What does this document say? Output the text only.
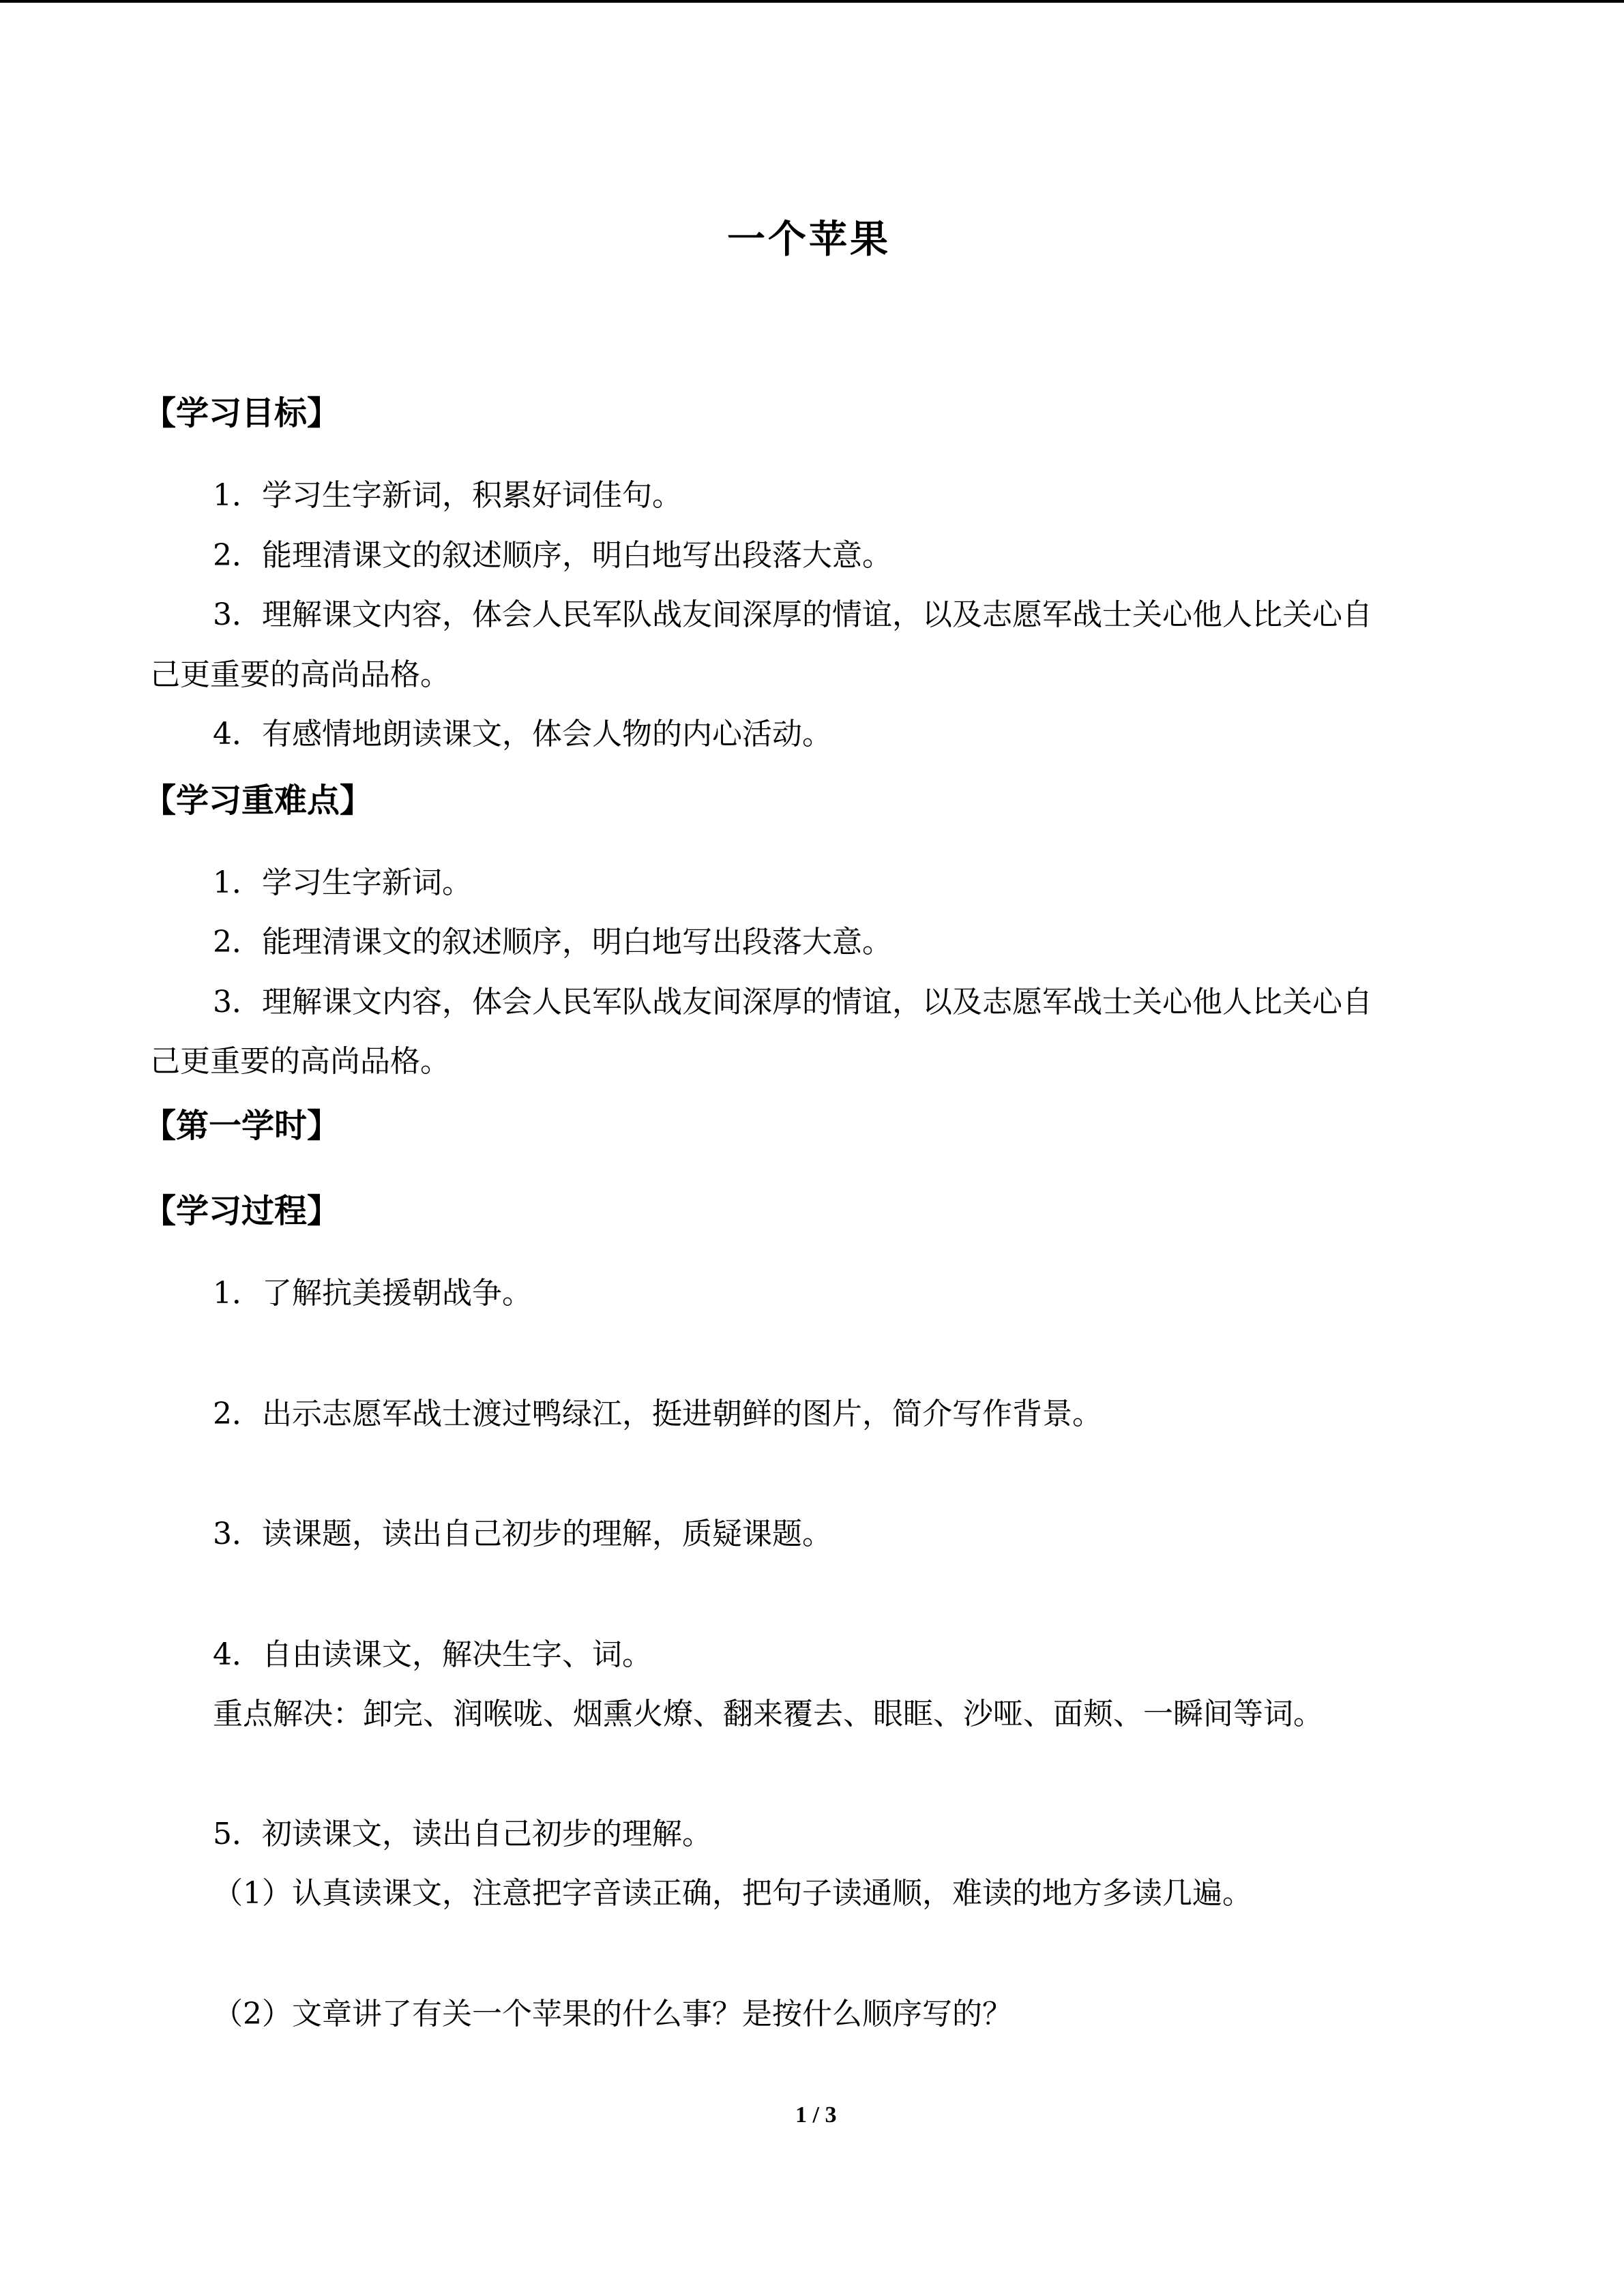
一个苹果
【学习目标】
1．学习生字新词，积累好词佳句。
2．能理清课文的叙述顺序，明白地写出段落大意。
3．理解课文内容，体会人民军队战友间深厚的情谊，以及志愿军战士关心他人比关心自
己更重要的高尚品格。
4．有感情地朗读课文，体会人物的内心活动。
【学习重难点】
1．学习生字新词。
2．能理清课文的叙述顺序，明白地写出段落大意。
3．理解课文内容，体会人民军队战友间深厚的情谊，以及志愿军战士关心他人比关心自
己更重要的高尚品格。
【第一学时】
【学习过程】
1．了解抗美援朝战争。
2．出示志愿军战士渡过鸭绿江，挺进朝鲜的图片，简介写作背景。
3．读课题，读出自己初步的理解，质疑课题。
4．自由读课文，解决生字、词。
重点解决：卸完、润喉咙、烟熏火燎、翻来覆去、眼眶、沙哑、面颊、一瞬间等词。
5．初读课文，读出自己初步的理解。
（1）认真读课文，注意把字音读正确，把句子读通顺，难读的地方多读几遍。
（2）文章讲了有关一个苹果的什么事？是按什么顺序写的？
1 / 3
